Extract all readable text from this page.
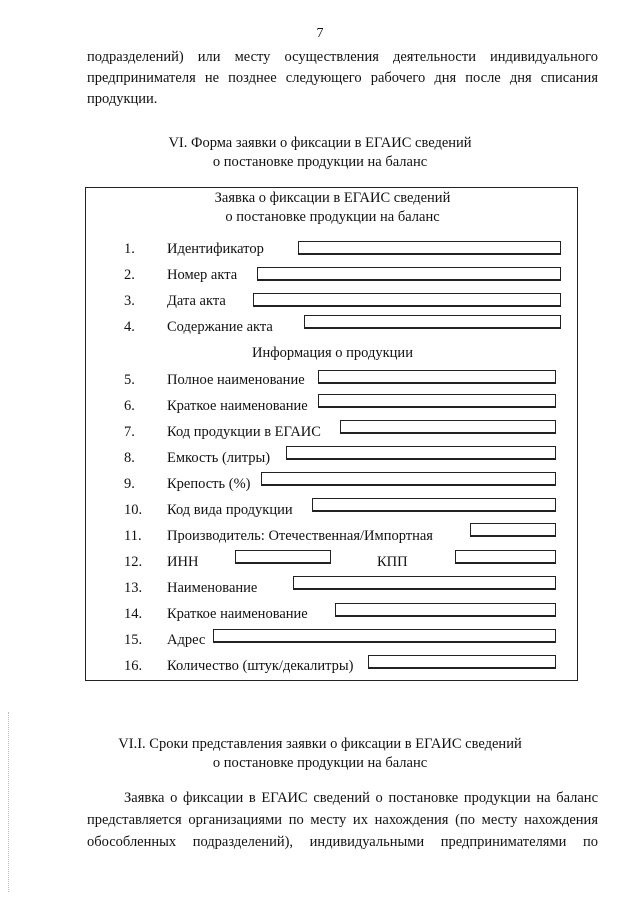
7
подразделений) или месту осуществления деятельности индивидуального
предпринимателя не позднее следующего рабочего дня после дня списания
продукции.
VI. Форма заявки о фиксации в ЕГАИС сведений
о постановке продукции на баланс
Заявка о фиксации в ЕГАИС сведений
о постановке продукции на баланс
1. Идентификатор
2. Номер акта
3. Дата акта
4. Содержание акта
Информация о продукции
5. Полное наименование
6. Краткое наименование
7. Код продукции в ЕГАИС
8. Емкость (литры)
9. Крепость (%)
10. Код вида продукции
11. Производитель: Отечественная/Импортная
12. ИНН	КПП
13. Наименование
14. Краткое наименование
15. Адрес
16. Количество (штук/декалитры)
VI.I. Сроки представления заявки о фиксации в ЕГАИС сведений
о постановке продукции на баланс
Заявка о фиксации в ЕГАИС сведений о постановке продукции на баланс
представляется организациями по месту их нахождения (по месту нахождения
обособленных подразделений), индивидуальными предпринимателями по
